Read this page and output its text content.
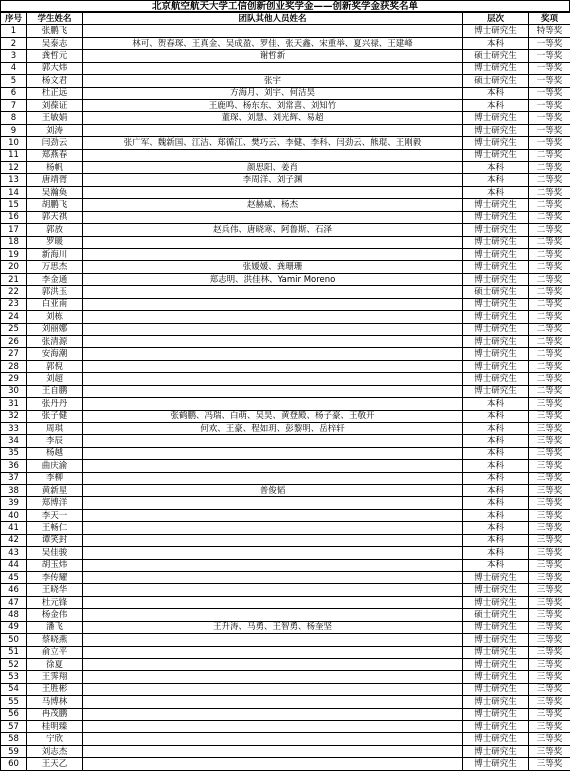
北京航空航天大学工信创新创业奖学金——创新奖学金获奖名单
序号	学生姓名	团队其他人员姓名	层次	奖项
1	张鹏飞		博士研究生	特等奖
2	吴泰志	林可、贺春琛、王真金、吴成盈、罗佳、张天鑫、宋重举、夏兴禄、王建峰	本科	一等奖
3	龚哲元	谢哲新	硕士研究生	一等奖
4	郭大炜		博士研究生	一等奖
5	杨文君	张宇	硕士研究生	一等奖
6	杜正远	方海月、刘宇、何洁昊	本科	一等奖
7	刘葆证	王鹿鸣、杨东东、刘常喜、刘知竹	本科	一等奖
8	王敏娟	董琛、刘慧、刘光辉、易超	博士研究生	一等奖
9	刘涛		博士研究生	一等奖
10	闫劲云	张广军、魏新国、江洁、郑循江、樊巧云、李健、李科、闫劲云、熊琨、王刚毅	博士研究生	一等奖
11	郑燕春		博士研究生	二等奖
12	杨帆	颜思阳、姜肖	本科	二等奖
13	唐靖胥	李周洋、刘子渊	本科	二等奖
14	吴瀚奐		本科	二等奖
15	胡鹏飞	赵赫威、杨杰	博士研究生	二等奖
16	郭天祺		博士研究生	二等奖
17	郭放	赵兵伟、唐晓寒、阿鲁斯、石泽	博士研究生	二等奖
18	罗暖		博士研究生	二等奖
19	新海川		博士研究生	二等奖
20	万思杰	张媛媛、龚珊珊	博士研究生	二等奖
21	李金通	郑志明、洪佳林、Yamir Moreno	博士研究生	二等奖
22	郭洪玉		硕士研究生	二等奖
23	白亚南		博士研究生	二等奖
24	刘栋		博士研究生	二等奖
25	刘丽娜		博士研究生	二等奖
26	张清源		博士研究生	二等奖
27	安海潮		博士研究生	二等奖
28	郭倪		博士研究生	二等奖
29	刘超		博士研究生	二等奖
30	王自鹏		博士研究生	二等奖
31	张丹丹		本科	三等奖
32	张子健	张鹤鹏、冯瑞、白萌、吴昊、黄登殿、杨子豪、王敬开	本科	三等奖
33	周琪	何欢、王豪、程如玥、彭黎明、岳梓轩	本科	三等奖
34	李辰		本科	三等奖
35	杨越		本科	三等奖
36	曲庆渝		本科	三等奖
37	李柳		本科	三等奖
38	黄新星	普俊韬	本科	三等奖
39	郑博洋		本科	三等奖
40	李天一		本科	三等奖
41	王畅仁		本科	三等奖
42	谭笑封		本科	三等奖
43	吴佳骏		本科	三等奖
44	胡玉炜		本科	三等奖
45	李传耀		博士研究生	三等奖
46	王晓华		博士研究生	三等奖
47	杜元锋		博士研究生	三等奖
48	杨金伟		硕士研究生	三等奖
49	潘飞	王升涛、马勇、王智勇、杨奎坚	博士研究生	三等奖
50	蔡晓燕		博士研究生	三等奖
51	俞立平		博士研究生	三等奖
52	徐夏		博士研究生	三等奖
53	王霁翔		博士研究生	三等奖
54	王胜彬		博士研究生	三等奖
55	马博林		博士研究生	三等奖
56	冉茂鹏		博士研究生	三等奖
57	桂明臻		博士研究生	三等奖
58	宁欣		博士研究生	三等奖
59	刘志杰		博士研究生	三等奖
60	王天乙		博士研究生	三等奖
